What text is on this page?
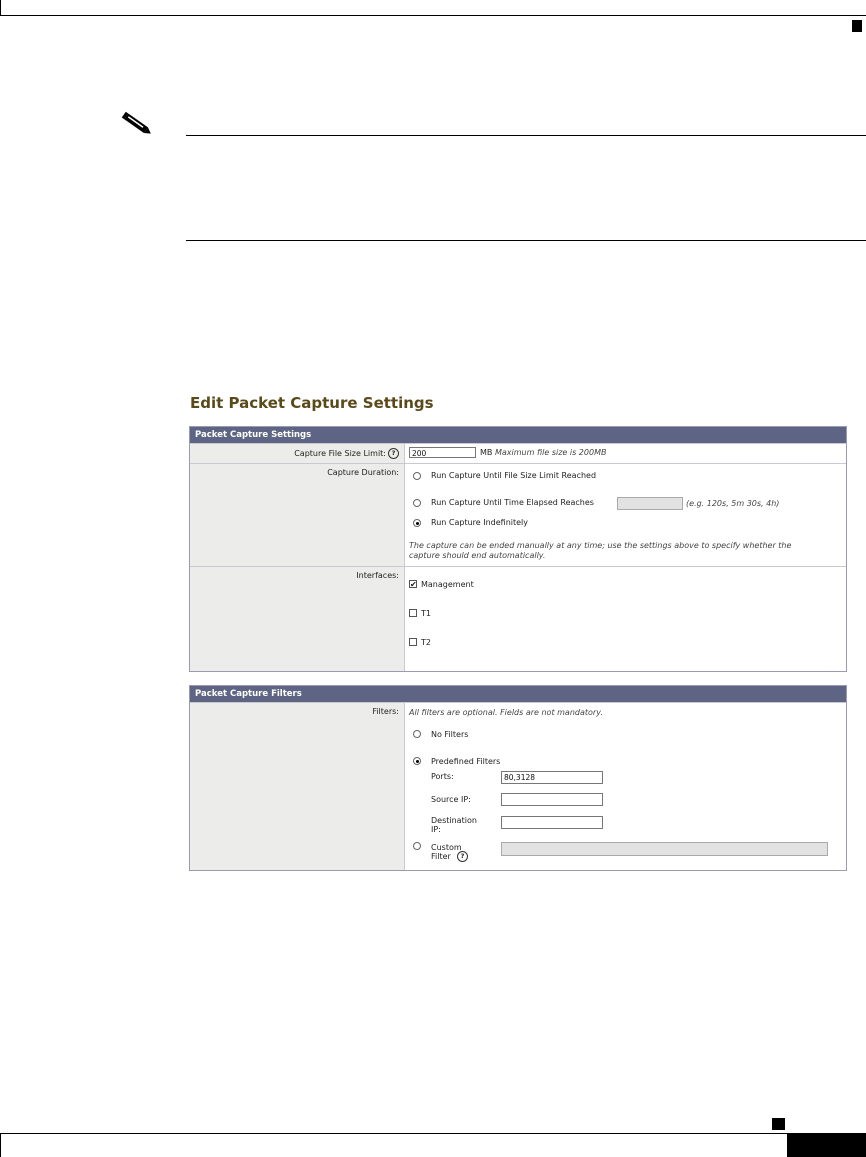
Edit Packet Capture Settings
Packet Capture Settings
Capture File Size Limit: ?	200	MB Maximum file size is 200MB
Capture Duration:	Run Capture Until File Size Limit Reached
Run Capture Until Time Elapsed Reaches	(e.g. 120s, 5m 30s, 4h)
Run Capture Indefinitely
The capture can be ended manually at any time; use the settings above to specify whether the
capture should end automatically.
Interfaces:
✔ Management
T1
T2
Packet Capture Filters
Filters:	All filters are optional. Fields are not mandatory.
No Filters
Predefined Filters
Ports:	80,3128
Source IP:
Destination
IP:
Custom
Filter	?
